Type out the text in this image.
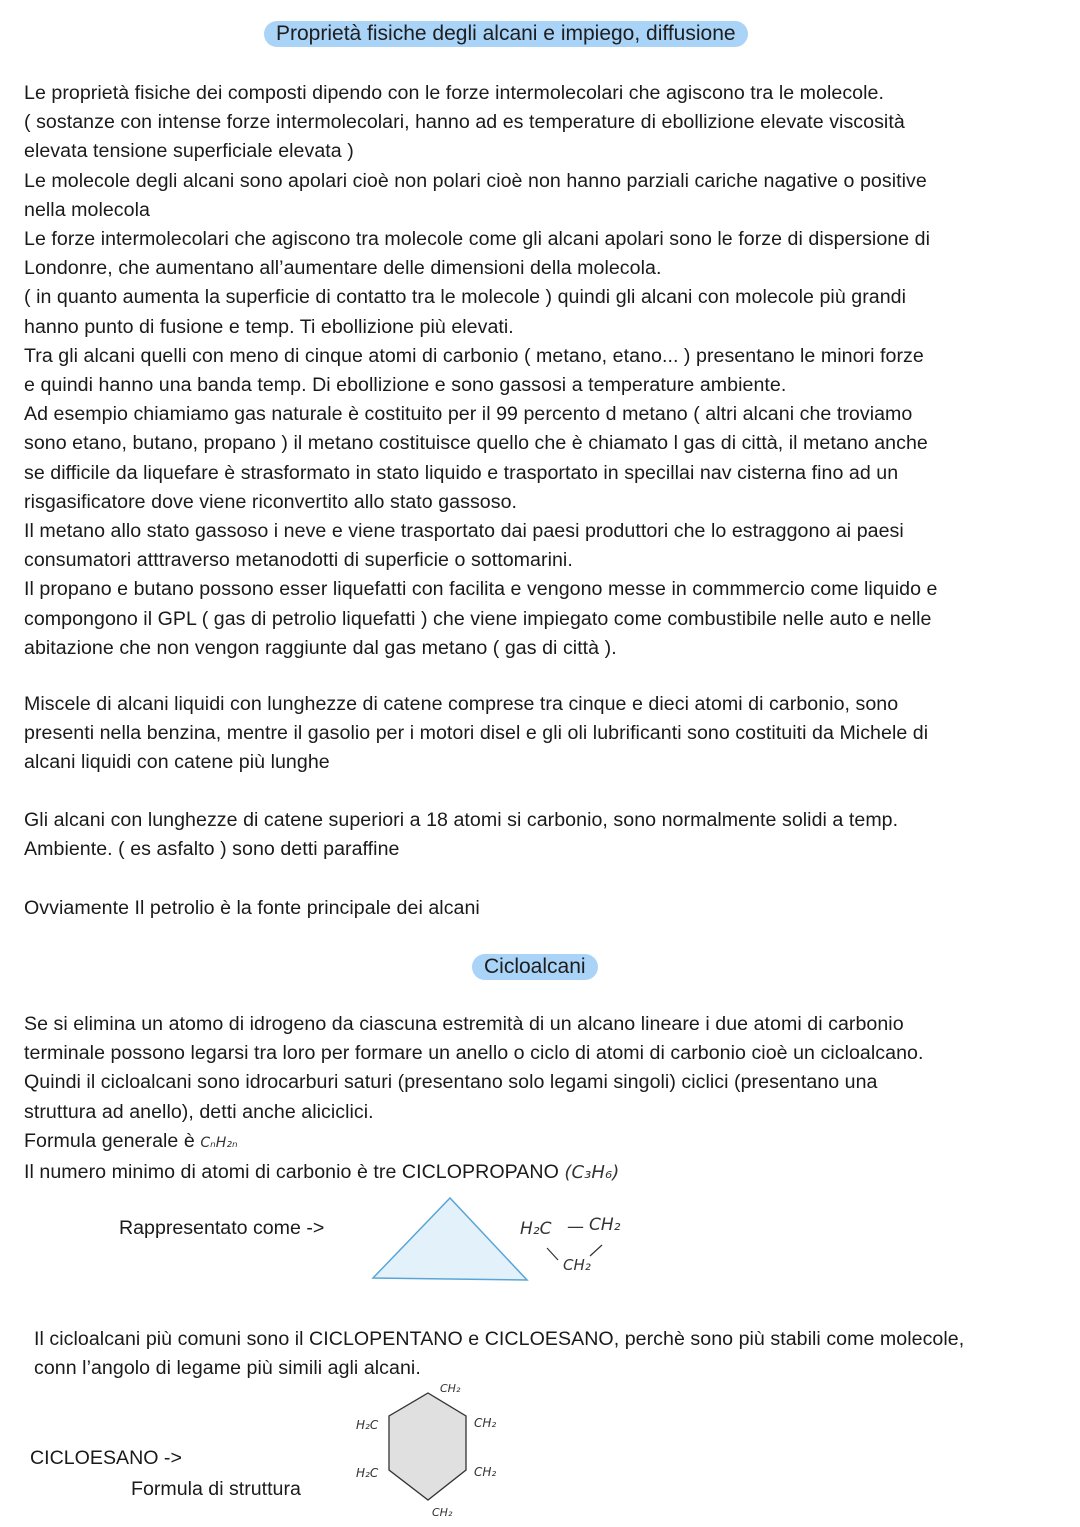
Proprietà fisiche degli alcani e impiego, diffusione
Le proprietà fisiche dei composti dipendo con le forze intermolecolari che agiscono tra le molecole.
( sostanze con intense forze intermolecolari, hanno ad es temperature di ebollizione elevate viscosità
elevata tensione superficiale elevata )
Le molecole degli alcani sono apolari cioè non polari cioè non hanno parziali cariche nagative o positive
nella molecola
Le forze intermolecolari che agiscono tra molecole come gli alcani apolari sono le forze di dispersione di
Londonre, che aumentano all’aumentare delle dimensioni della molecola.
( in quanto aumenta la superficie di contatto tra le molecole ) quindi gli alcani con molecole più grandi
hanno punto di fusione e temp. Ti ebollizione più elevati.
Tra gli alcani quelli con meno di cinque atomi di carbonio ( metano, etano... ) presentano le minori forze
e quindi hanno una banda temp. Di ebollizione e sono gassosi a temperature ambiente.
Ad esempio chiamiamo gas naturale è costituito per il 99 percento d metano ( altri alcani che troviamo
sono etano, butano, propano ) il metano costituisce quello che è chiamato l gas di città, il metano anche
se difficile da liquefare è strasformato in stato liquido e trasportato in specillai nav cisterna fino ad un
risgasificatore dove viene riconvertito allo stato gassoso.
Il metano allo stato gassoso i neve e viene trasportato dai paesi produttori che lo estraggono ai paesi
consumatori atttraverso metanodotti di superficie o sottomarini.
Il propano e butano possono esser liquefatti con facilita e vengono messe in commmercio come liquido e
compongono il GPL ( gas di petrolio liquefatti ) che viene impiegato come combustibile nelle auto e nelle
abitazione che non vengon raggiunte dal gas metano ( gas di città ).
Miscele di alcani liquidi con lunghezze di catene comprese tra cinque e dieci atomi di carbonio, sono
presenti nella benzina, mentre il gasolio per i motori disel e gli oli lubrificanti sono costituiti da Michele di
alcani liquidi con catene più lunghe
Gli alcani con lunghezze di catene superiori a 18 atomi si carbonio, sono normalmente solidi a temp.
Ambiente. ( es asfalto ) sono detti paraffine
Ovviamente Il petrolio è la fonte principale dei alcani
Cicloalcani
Se si elimina un atomo di idrogeno da ciascuna estremità di un alcano lineare i due atomi di carbonio
terminale possono legarsi tra loro per formare un anello o ciclo di atomi di carbonio cioè un cicloalcano.
Quindi il cicloalcani sono idrocarburi saturi (presentano solo legami singoli) ciclici (presentano una
struttura ad anello), detti anche aliciclici.
Formula generale è CₙH₂ₙ
Il numero minimo di atomi di carbonio è tre CICLOPROPANO (C₃H₆)
Rappresentato come ->	H₂C — CH₂
CH₂
Il cicloalcani più comuni sono il CICLOPENTANO e CICLOESANO, perchè sono più stabili come molecole,
conn l’angolo di legame più simili agli alcani.
CICLOESANO ->
Formula di struttura
CH₂
H₂C	CH₂
H₂C	CH₂
CH₂
